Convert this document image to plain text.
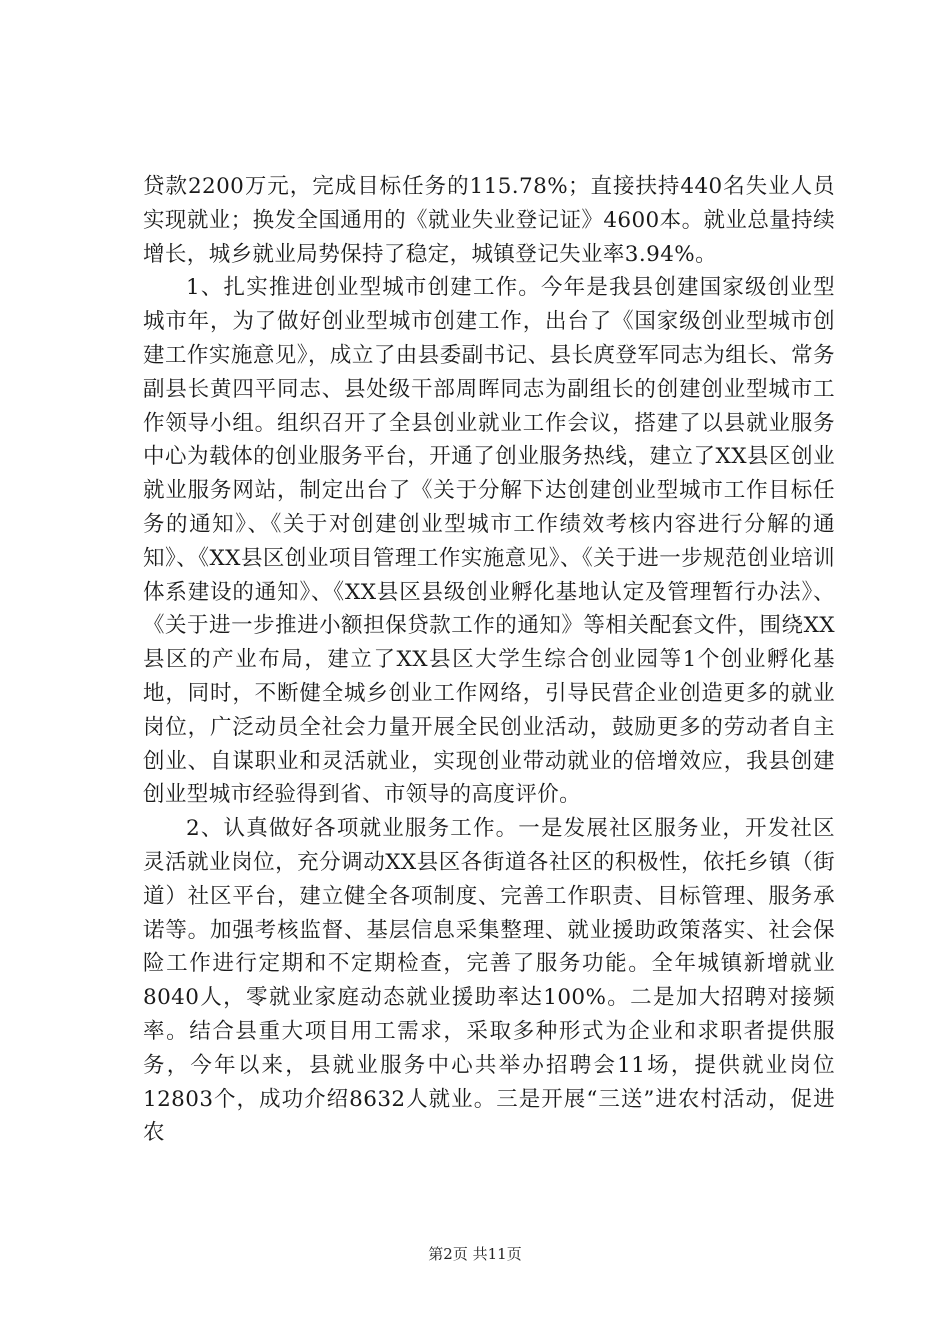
贷款2200万元，完成目标任务的115.78%；直接扶持440名失业人员实现就业；换发全国通用的《就业失业登记证》4600本。就业总量持续增长，城乡就业局势保持了稳定，城镇登记失业率3.94%。

1、扎实推进创业型城市创建工作。今年是我县创建国家级创业型城市年，为了做好创业型城市创建工作，出台了《国家级创业型城市创建工作实施意见》，成立了由县委副书记、县长庹登军同志为组长、常务副县长黄四平同志、县处级干部周晖同志为副组长的创建创业型城市工作领导小组。组织召开了全县创业就业工作会议，搭建了以县就业服务中心为载体的创业服务平台，开通了创业服务热线，建立了XX县区创业就业服务网站，制定出台了《关于分解下达创建创业型城市工作目标任务的通知》、《关于对创建创业型城市工作绩效考核内容进行分解的通知》、《XX县区创业项目管理工作实施意见》、《关于进一步规范创业培训体系建设的通知》、《XX县区县级创业孵化基地认定及管理暂行办法》、《关于进一步推进小额担保贷款工作的通知》等相关配套文件，围绕XX县区的产业布局，建立了XX县区大学生综合创业园等1个创业孵化基地，同时，不断健全城乡创业工作网络，引导民营企业创造更多的就业岗位，广泛动员全社会力量开展全民创业活动，鼓励更多的劳动者自主创业、自谋职业和灵活就业，实现创业带动就业的倍增效应，我县创建创业型城市经验得到省、市领导的高度评价。

2、认真做好各项就业服务工作。一是发展社区服务业，开发社区灵活就业岗位，充分调动XX县区各街道各社区的积极性，依托乡镇（街道）社区平台，建立健全各项制度、完善工作职责、目标管理、服务承诺等。加强考核监督、基层信息采集整理、就业援助政策落实、社会保险工作进行定期和不定期检查，完善了服务功能。全年城镇新增就业8040人，零就业家庭动态就业援助率达100%。二是加大招聘对接频率。结合县重大项目用工需求，采取多种形式为企业和求职者提供服务，今年以来，县就业服务中心共举办招聘会11场，提供就业岗位12803个，成功介绍8632人就业。三是开展“三送”进农村活动，促进农

第2页 共11页
